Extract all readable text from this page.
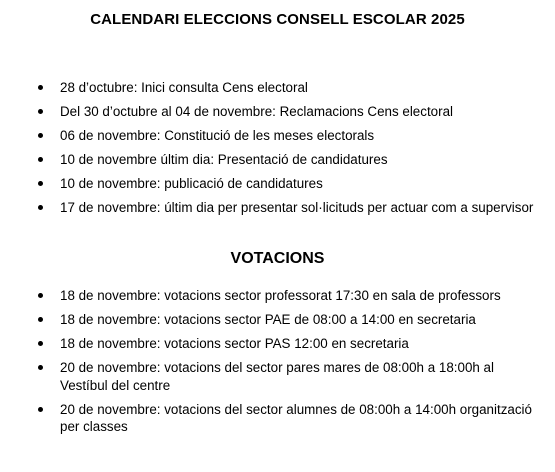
CALENDARI ELECCIONS CONSELL ESCOLAR 2025
28 d’octubre: Inici consulta Cens electoral
Del 30 d’octubre al 04 de novembre: Reclamacions Cens electoral
06 de novembre: Constitució de les meses electorals
10 de novembre últim dia: Presentació de candidatures
10 de novembre: publicació de candidatures
17 de novembre: últim dia per presentar sol·licituds per actuar com a supervisor
VOTACIONS
18 de novembre: votacions sector professorat 17:30 en sala de professors
18 de novembre: votacions sector PAE de 08:00 a 14:00 en secretaria
18 de novembre: votacions sector PAS 12:00 en secretaria
20 de novembre: votacions del sector pares mares de 08:00h a 18:00h al Vestíbul del centre
20 de novembre: votacions del sector alumnes de 08:00h a 14:00h organització per classes
